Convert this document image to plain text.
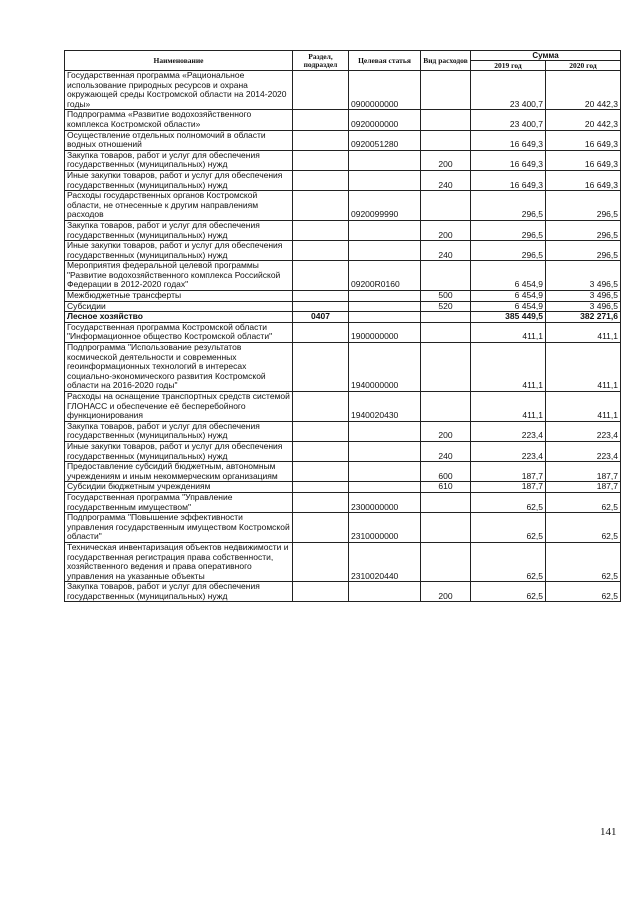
Наименование	Раздел, подраздел	Целевая статья	Вид расходов	Сумма	
				2019 год	2020 год
Государственная программа «Рациональное использование природных ресурсов и охрана окружающей среды Костромской области на 2014-2020 годы»		0900000000		23 400,7	20 442,3
Подпрограмма «Развитие водохозяйственного комплекса Костромской области»		0920000000		23 400,7	20 442,3
Осуществление отдельных полномочий в области водных отношений		0920051280		16 649,3	16 649,3
Закупка товаров, работ и услуг для обеспечения государственных (муниципальных) нужд			200	16 649,3	16 649,3
Иные закупки товаров, работ и услуг для обеспечения государственных (муниципальных) нужд			240	16 649,3	16 649,3
Расходы государственных органов Костромской области, не отнесенные к другим направлениям расходов		0920099990		296,5	296,5
Закупка товаров, работ и услуг для обеспечения государственных (муниципальных) нужд			200	296,5	296,5
Иные закупки товаров, работ и услуг для обеспечения государственных (муниципальных) нужд			240	296,5	296,5
Мероприятия федеральной целевой программы "Развитие водохозяйственного комплекса Российской Федерации в 2012-2020 годах"		09200R0160		6 454,9	3 496,5
Межбюджетные трансферты			500	6 454,9	3 496,5
Субсидии			520	6 454,9	3 496,5
Лесное хозяйство	0407			385 449,5	382 271,6
Государственная программа Костромской области "Информационное общество Костромской области"		1900000000		411,1	411,1
Подпрограмма "Использование результатов космической деятельности и современных геоинформационных технологий в интересах социально-экономического развития Костромской области на 2016-2020 годы"		1940000000		411,1	411,1
Расходы на оснащение транспортных средств системой ГЛОНАСС и обеспечение её бесперебойного функционирования		1940020430		411,1	411,1
Закупка товаров, работ и услуг для обеспечения государственных (муниципальных) нужд			200	223,4	223,4
Иные закупки товаров, работ и услуг для обеспечения государственных (муниципальных) нужд			240	223,4	223,4
Предоставление субсидий бюджетным, автономным учреждениям и иным некоммерческим организациям			600	187,7	187,7
Субсидии бюджетным учреждениям			610	187,7	187,7
Государственная программа "Управление государственным имуществом"		2300000000		62,5	62,5
Подпрограмма "Повышение эффективности управления государственным имуществом Костромской области"		2310000000		62,5	62,5
Техническая инвентаризация объектов недвижимости и государственная регистрация права собственности, хозяйственного ведения и права оперативного управления на указанные объекты		2310020440		62,5	62,5
Закупка товаров, работ и услуг для обеспечения государственных (муниципальных) нужд			200	62,5	62,5
141
